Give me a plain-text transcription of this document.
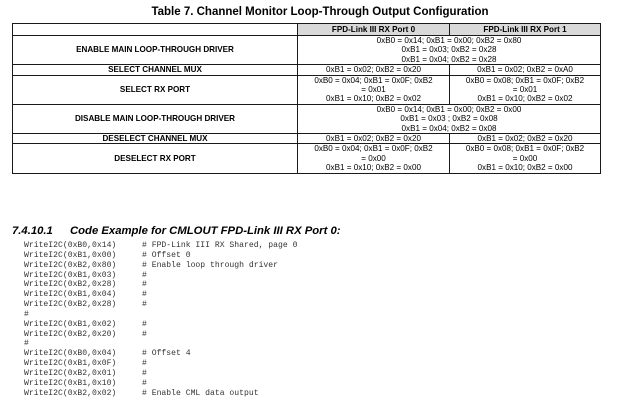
Table 7. Channel Monitor Loop-Through Output Configuration
	FPD-Link III RX Port 0	FPD-Link III RX Port 1
ENABLE MAIN LOOP-THROUGH DRIVER	0xB0 = 0x14; 0xB1 = 0x00; 0xB2 = 0x80
0xB1 = 0x03; 0xB2 = 0x28
0xB1 = 0x04; 0xB2 = 0x28	

SELECT CHANNEL MUX	0xB1 = 0x02; 0xB2 = 0x20	0xB1 = 0x02; 0xB2 = 0xA0

SELECT RX PORT	0xB0 = 0x04; 0xB1 = 0x0F; 0xB2
= 0x01
0xB1 = 0x10; 0xB2 = 0x02	0xB0 = 0x08; 0xB1 = 0x0F; 0xB2
= 0x01
0xB1 = 0x10; 0xB2 = 0x02

DISABLE MAIN LOOP-THROUGH DRIVER	0xB0 = 0x14; 0xB1 = 0x00; 0xB2 = 0x00
0xB1 = 0x03 ; 0xB2 = 0x08
0xB1 = 0x04; 0xB2 = 0x08	

DESELECT CHANNEL MUX	0xB1 = 0x02; 0xB2 = 0x20	0xB1 = 0x02; 0xB2 = 0x20

DESELECT RX PORT	0xB0 = 0x04; 0xB1 = 0x0F; 0xB2
= 0x00
0xB1 = 0x10; 0xB2 = 0x00	0xB0 = 0x08; 0xB1 = 0x0F; 0xB2
= 0x00
0xB1 = 0x10; 0xB2 = 0x00
7.4.10.1 Code Example for CMLOUT FPD-Link III RX Port 0:
WriteI2C(0xB0,0x14)	# FPD-Link III RX Shared, page 0
WriteI2C(0xB1,0x00)	# Offset 0
WriteI2C(0xB2,0x80)	# Enable loop through driver
WriteI2C(0xB1,0x03)	#
WriteI2C(0xB2,0x28)	#
WriteI2C(0xB1,0x04)	#
WriteI2C(0xB2,0x28)	#
#
WriteI2C(0xB1,0x02)	#
WriteI2C(0xB2,0x20)	#
#
WriteI2C(0xB0,0x04)	# Offset 4
WriteI2C(0xB1,0x0F)	#
WriteI2C(0xB2,0x01)	#
WriteI2C(0xB1,0x10)	#
WriteI2C(0xB2,0x02)	# Enable CML data output
